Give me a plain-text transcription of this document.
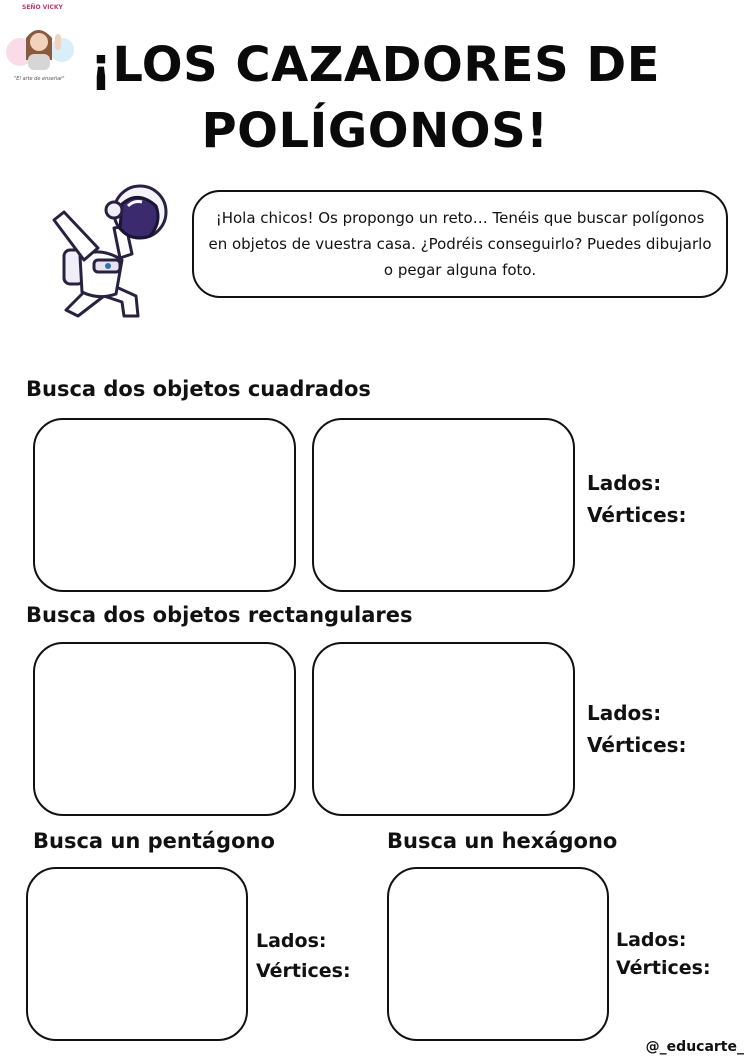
SEÑO VICKY
"El arte de enseñar" ¡LOS CAZADORES DE
POLÍGONOS!
¡Hola chicos! Os propongo un reto… Tenéis que buscar polígonos en objetos de vuestra casa. ¿Podréis conseguirlo? Puedes dibujarlo o pegar alguna foto.
Busca dos objetos cuadrados
Lados:
Vértices:
Busca dos objetos rectangulares
Lados:
Vértices:
Busca un pentágono
Lados:
Vértices:
Busca un hexágono
Lados:
Vértices:
@_educarte_
